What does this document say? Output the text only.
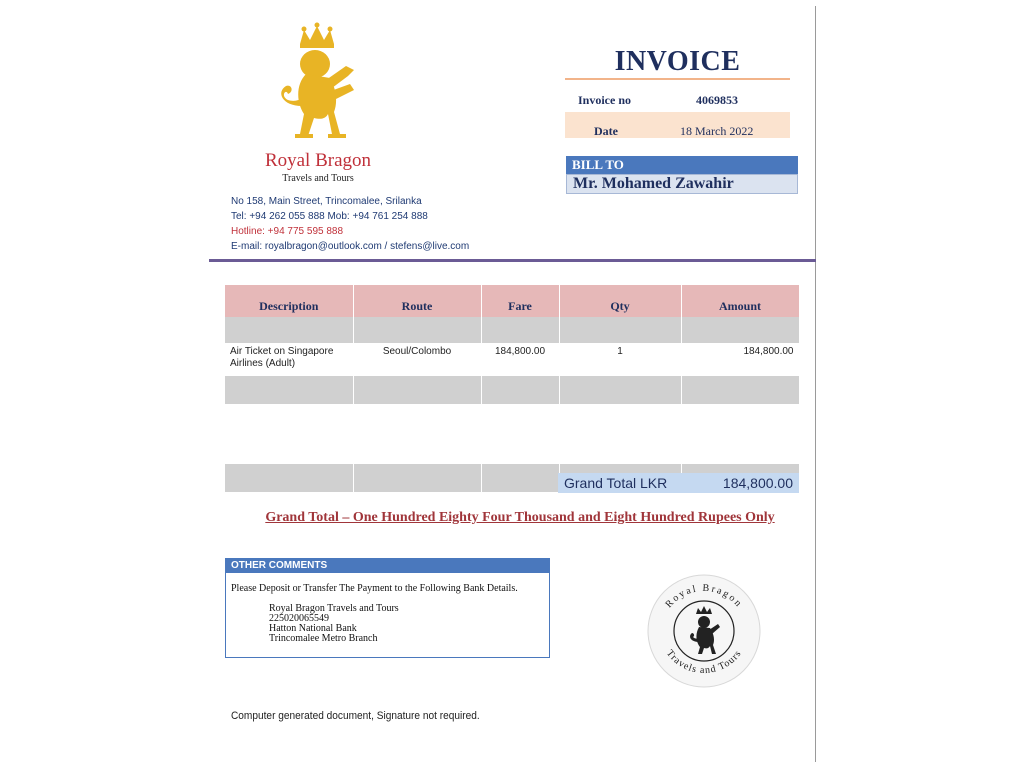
Royal Bragon
Travels and Tours
No 158, Main Street, Trincomalee, Srilanka
Tel: +94 262 055 888 Mob: +94 761 254 888
Hotline: +94 775 595 888
E-mail: royalbragon@outlook.com / stefens@live.com
INVOICE
Invoice no	4069853
Date	18 March 2022
BILL TO
Mr. Mohamed Zawahir
Description	Route	Fare	Qty	Amount

Air Ticket on Singapore Airlines (Adult)	Seoul/Colombo	184,800.00	1	184,800.00

Grand Total LKR	184,800.00
Grand Total – One Hundred Eighty Four Thousand and Eight Hundred Rupees Only
OTHER COMMENTS
Please Deposit or Transfer The Payment to the Following Bank Details.
Royal Bragon Travels and Tours
225020065549
Hatton National Bank
Trincomalee Metro Branch
Royal Bragon
Travels and Tours
Computer generated document, Signature not required.
